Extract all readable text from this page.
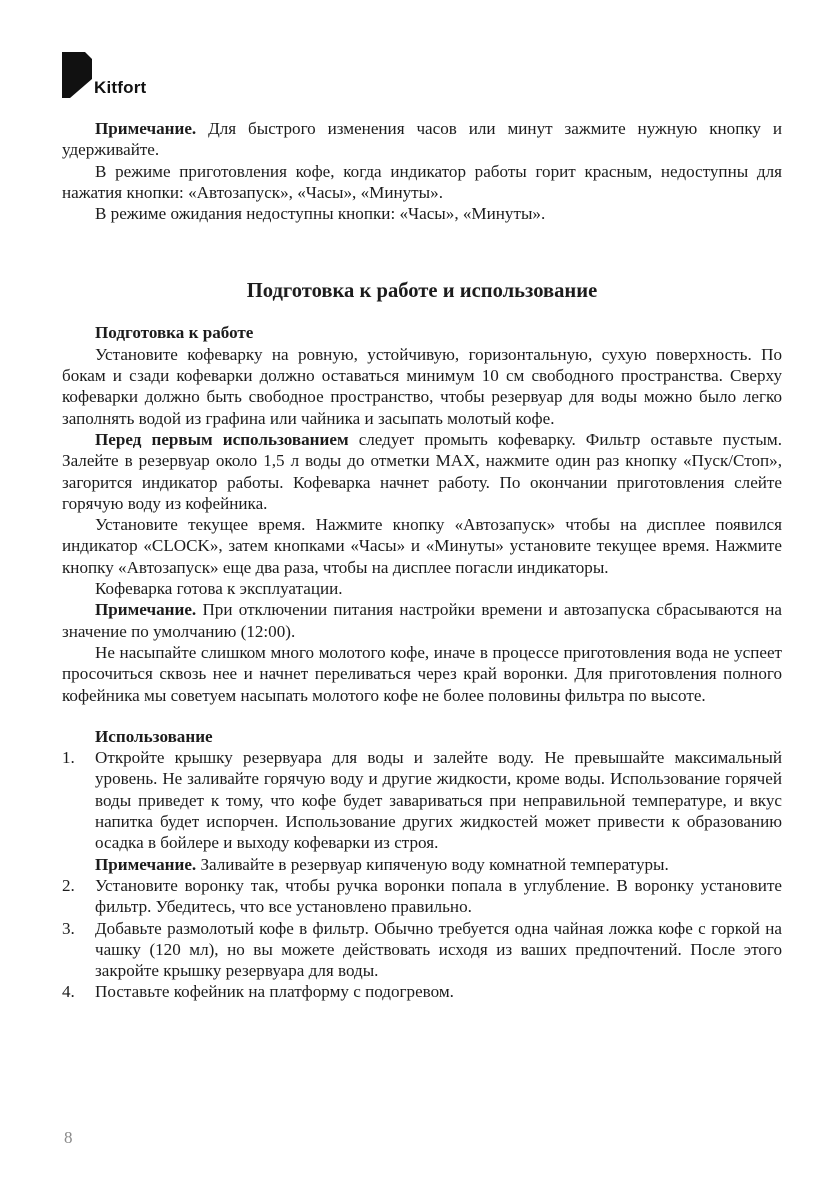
Kitfort

Примечание. Для быстрого изменения часов или минут зажмите нужную кнопку и удерживайте.

В режиме приготовления кофе, когда индикатор работы горит красным, недоступны для нажатия кнопки: «Автозапуск», «Часы», «Минуты».

В режиме ожидания недоступны кнопки: «Часы», «Минуты».

Подготовка к работе и использование
Подготовка к работе

Установите кофеварку на ровную, устойчивую, горизонтальную, сухую поверхность. По бокам и сзади кофеварки должно оставаться минимум 10 см свободного пространства. Сверху кофеварки должно быть свободное пространство, чтобы резервуар для воды можно было легко заполнять водой из графина или чайника и засыпать молотый кофе.

Перед первым использованием следует промыть кофеварку. Фильтр оставьте пустым. Залейте в резервуар около 1,5 л воды до отметки MAX, нажмите один раз кнопку «Пуск/Стоп», загорится индикатор работы. Кофеварка начнет работу. По окончании приготовления слейте горячую воду из кофейника.

Установите текущее время. Нажмите кнопку «Автозапуск» чтобы на дисплее появился индикатор «CLOCK», затем кнопками «Часы» и «Минуты» установите текущее время. Нажмите кнопку «Автозапуск» еще два раза, чтобы на дисплее погасли индикаторы.

Кофеварка готова к эксплуатации.

Примечание. При отключении питания настройки времени и автозапуска сбрасываются на значение по умолчанию (12:00).

Не насыпайте слишком много молотого кофе, иначе в процессе приготовления вода не успеет просочиться сквозь нее и начнет переливаться через край воронки. Для приготовления полного кофейника мы советуем насыпать молотого кофе не более половины фильтра по высоте.

Использование
1. Откройте крышку резервуара для воды и залейте воду. Не превышайте максимальный уровень. Не заливайте горячую воду и другие жидкости, кроме воды. Использование горячей воды приведет к тому, что кофе будет завариваться при неправильной температуре, и вкус напитка будет испорчен. Использование других жидкостей может привести к образованию осадка в бойлере и выходу кофеварки из строя.
Примечание. Заливайте в резервуар кипяченую воду комнатной температуры.
2. Установите воронку так, чтобы ручка воронки попала в углубление. В воронку установите фильтр. Убедитесь, что все установлено правильно.
3. Добавьте размолотый кофе в фильтр. Обычно требуется одна чайная ложка кофе с горкой на чашку (120 мл), но вы можете действовать исходя из ваших предпочтений. После этого закройте крышку резервуара для воды.
4. Поставьте кофейник на платформу с подогревом.
8
